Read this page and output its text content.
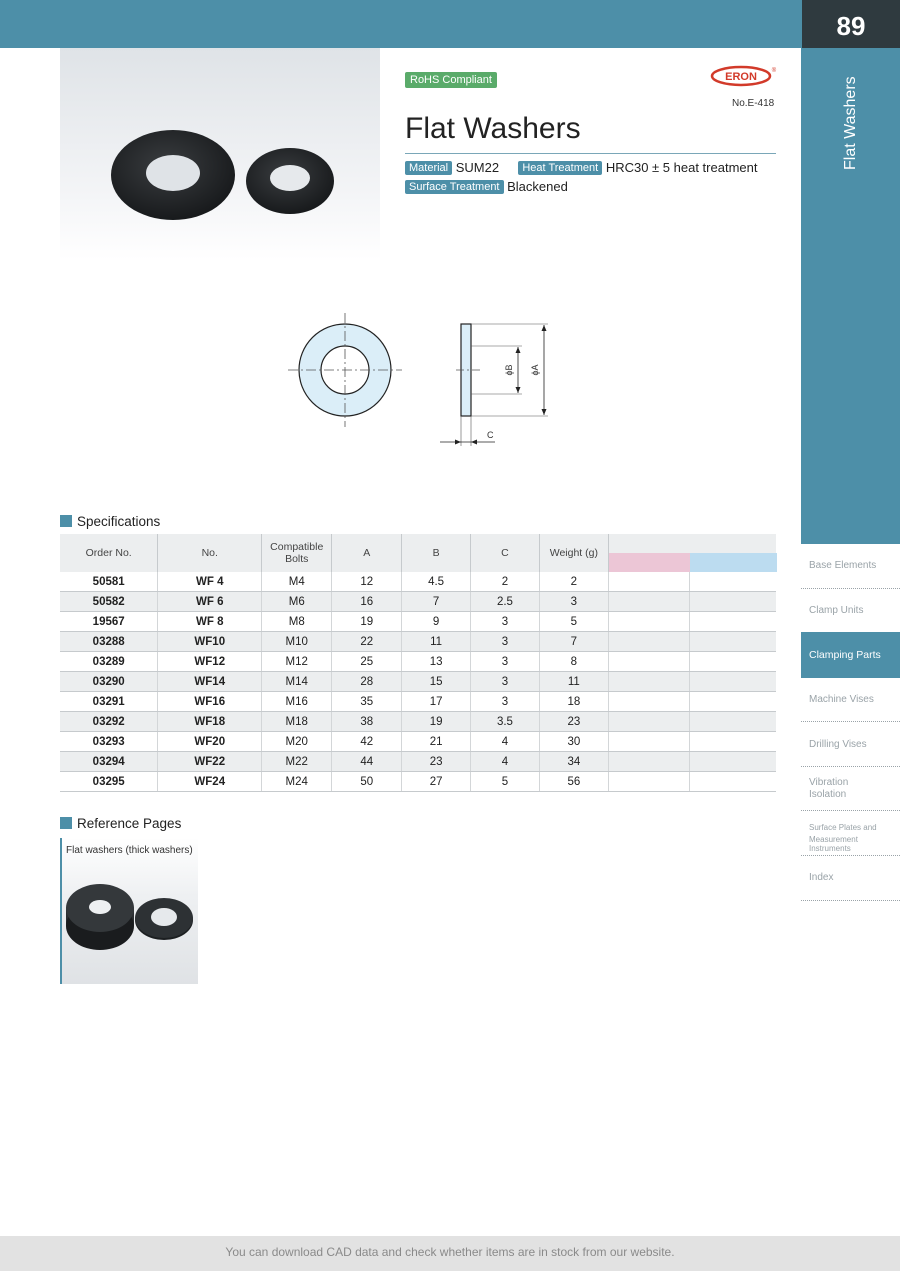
89
Flat Washers
Base Elements
Clamp Units
Machine Vises
Drilling Vises
Vibration
Isolation
Surface Plates and
Measurement Instruments
Index
Clamping Parts
RoHS Compliant	ERON ®
No.E-418
Flat Washers
Material SUM22 Heat Treatment HRC30 ± 5 heat treatment
Surface Treatment Blackened
ϕB ϕA
C
Specifications
Order No.	No.	Compatible Bolts	A	B	C	Weight (g)		

50581	WF 4	M4	12	4.5	2	2		
50582	WF 6	M6	16	7	2.5	3		
19567	WF 8	M8	19	9	3	5		
03288	WF10	M10	22	11	3	7		
03289	WF12	M12	25	13	3	8		
03290	WF14	M14	28	15	3	11		
03291	WF16	M16	35	17	3	18		
03292	WF18	M18	38	19	3.5	23		
03293	WF20	M20	42	21	4	30		
03294	WF22	M22	44	23	4	34		
03295	WF24	M24	50	27	5	56		
Reference Pages
Flat washers (thick washers)
You can download CAD data and check whether items are in stock from our website.
